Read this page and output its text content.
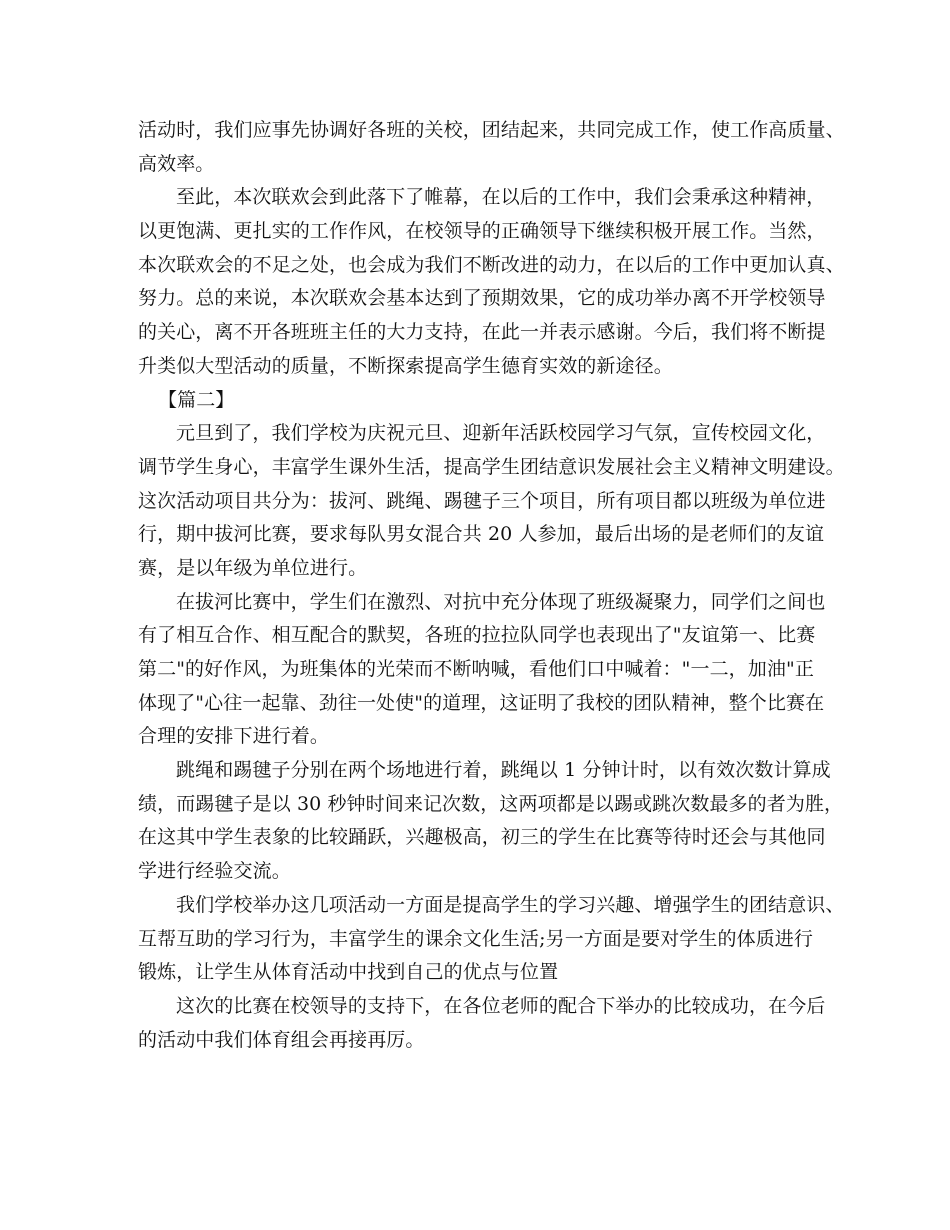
活动时，我们应事先协调好各班的关校，团结起来，共同完成工作，使工作高质量、
高效率。
至此，本次联欢会到此落下了帷幕，在以后的工作中，我们会秉承这种精神，
以更饱满、更扎实的工作作风，在校领导的正确领导下继续积极开展工作。当然，
本次联欢会的不足之处，也会成为我们不断改进的动力，在以后的工作中更加认真、
努力。总的来说，本次联欢会基本达到了预期效果，它的成功举办离不开学校领导
的关心，离不开各班班主任的大力支持，在此一并表示感谢。今后，我们将不断提
升类似大型活动的质量，不断探索提高学生德育实效的新途径。
【篇二】
元旦到了，我们学校为庆祝元旦、迎新年活跃校园学习气氛，宣传校园文化，
调节学生身心，丰富学生课外生活，提高学生团结意识发展社会主义精神文明建设。
这次活动项目共分为：拔河、跳绳、踢毽子三个项目，所有项目都以班级为单位进
行，期中拔河比赛，要求每队男女混合共 20 人参加，最后出场的是老师们的友谊
赛，是以年级为单位进行。
在拔河比赛中，学生们在激烈、对抗中充分体现了班级凝聚力，同学们之间也
有了相互合作、相互配合的默契，各班的拉拉队同学也表现出了"友谊第一、比赛
第二"的好作风，为班集体的光荣而不断呐喊，看他们口中喊着："一二，加油"正
体现了"心往一起靠、劲往一处使"的道理，这证明了我校的团队精神，整个比赛在
合理的安排下进行着。
跳绳和踢毽子分别在两个场地进行着，跳绳以 1 分钟计时，以有效次数计算成
绩，而踢毽子是以 30 秒钟时间来记次数，这两项都是以踢或跳次数最多的者为胜，
在这其中学生表象的比较踊跃，兴趣极高，初三的学生在比赛等待时还会与其他同
学进行经验交流。
我们学校举办这几项活动一方面是提高学生的学习兴趣、增强学生的团结意识、
互帮互助的学习行为，丰富学生的课余文化生活;另一方面是要对学生的体质进行
锻炼，让学生从体育活动中找到自己的优点与位置
这次的比赛在校领导的支持下，在各位老师的配合下举办的比较成功，在今后
的活动中我们体育组会再接再厉。
